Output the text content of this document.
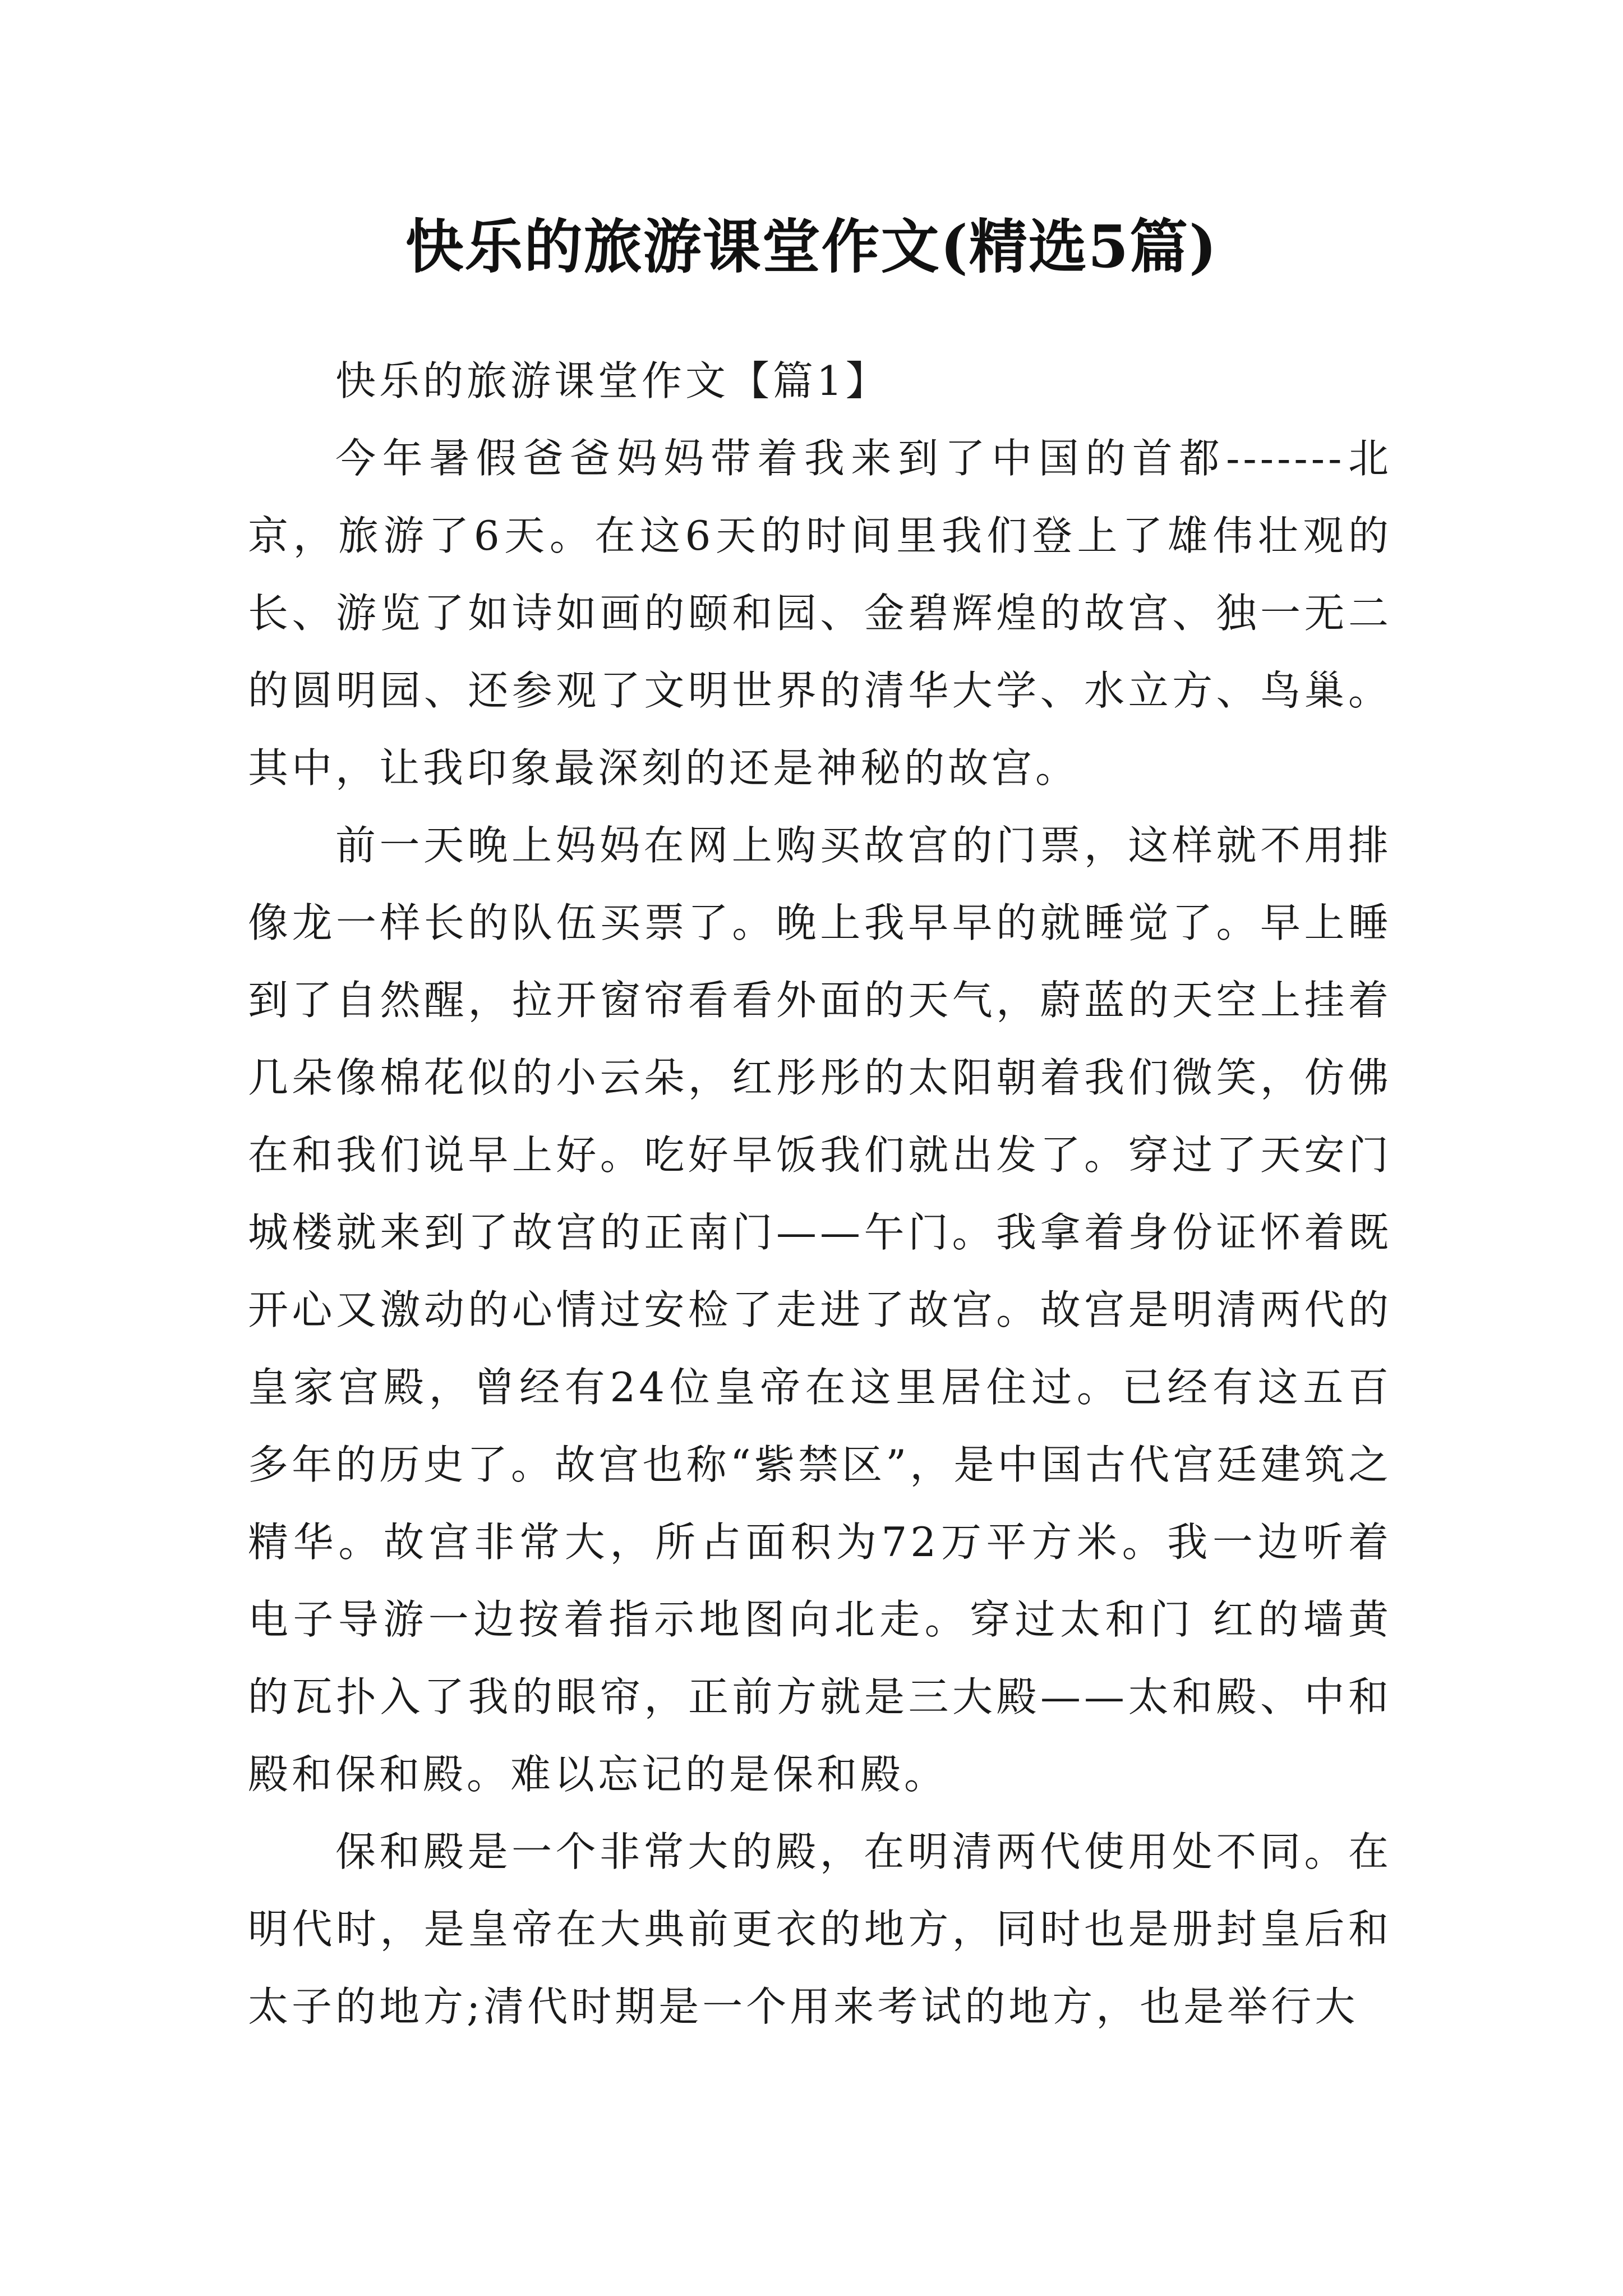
快乐的旅游课堂作文(精选5篇)

快乐的旅游课堂作文【篇1】

今年暑假爸爸妈妈带着我来到了中国的首都-------北京，旅游了6天。在这6天的时间里我们登上了雄伟壮观的长、游览了如诗如画的颐和园、金碧辉煌的故宫、独一无二的圆明园、还参观了文明世界的清华大学、水立方、鸟巢。其中，让我印象最深刻的还是神秘的故宫。

前一天晚上妈妈在网上购买故宫的门票，这样就不用排像龙一样长的队伍买票了。晚上我早早的就睡觉了。早上睡到了自然醒，拉开窗帘看看外面的天气，蔚蓝的天空上挂着几朵像棉花似的小云朵，红彤彤的太阳朝着我们微笑，仿佛在和我们说早上好。吃好早饭我们就出发了。穿过了天安门城楼就来到了故宫的正南门——午门。我拿着身份证怀着既开心又激动的心情过安检了走进了故宫。故宫是明清两代的皇家宫殿，曾经有24位皇帝在这里居住过。已经有这五百多年的历史了。故宫也称“紫禁区”，是中国古代宫廷建筑之精华。故宫非常大，所占面积为72万平方米。我一边听着电子导游一边按着指示地图向北走。穿过太和门 红的墙黄的瓦扑入了我的眼帘，正前方就是三大殿——太和殿、中和殿和保和殿。难以忘记的是保和殿。

保和殿是一个非常大的殿，在明清两代使用处不同。在明代时，是皇帝在大典前更衣的地方，同时也是册封皇后和太子的地方;清代时期是一个用来考试的地方，也是举行大
